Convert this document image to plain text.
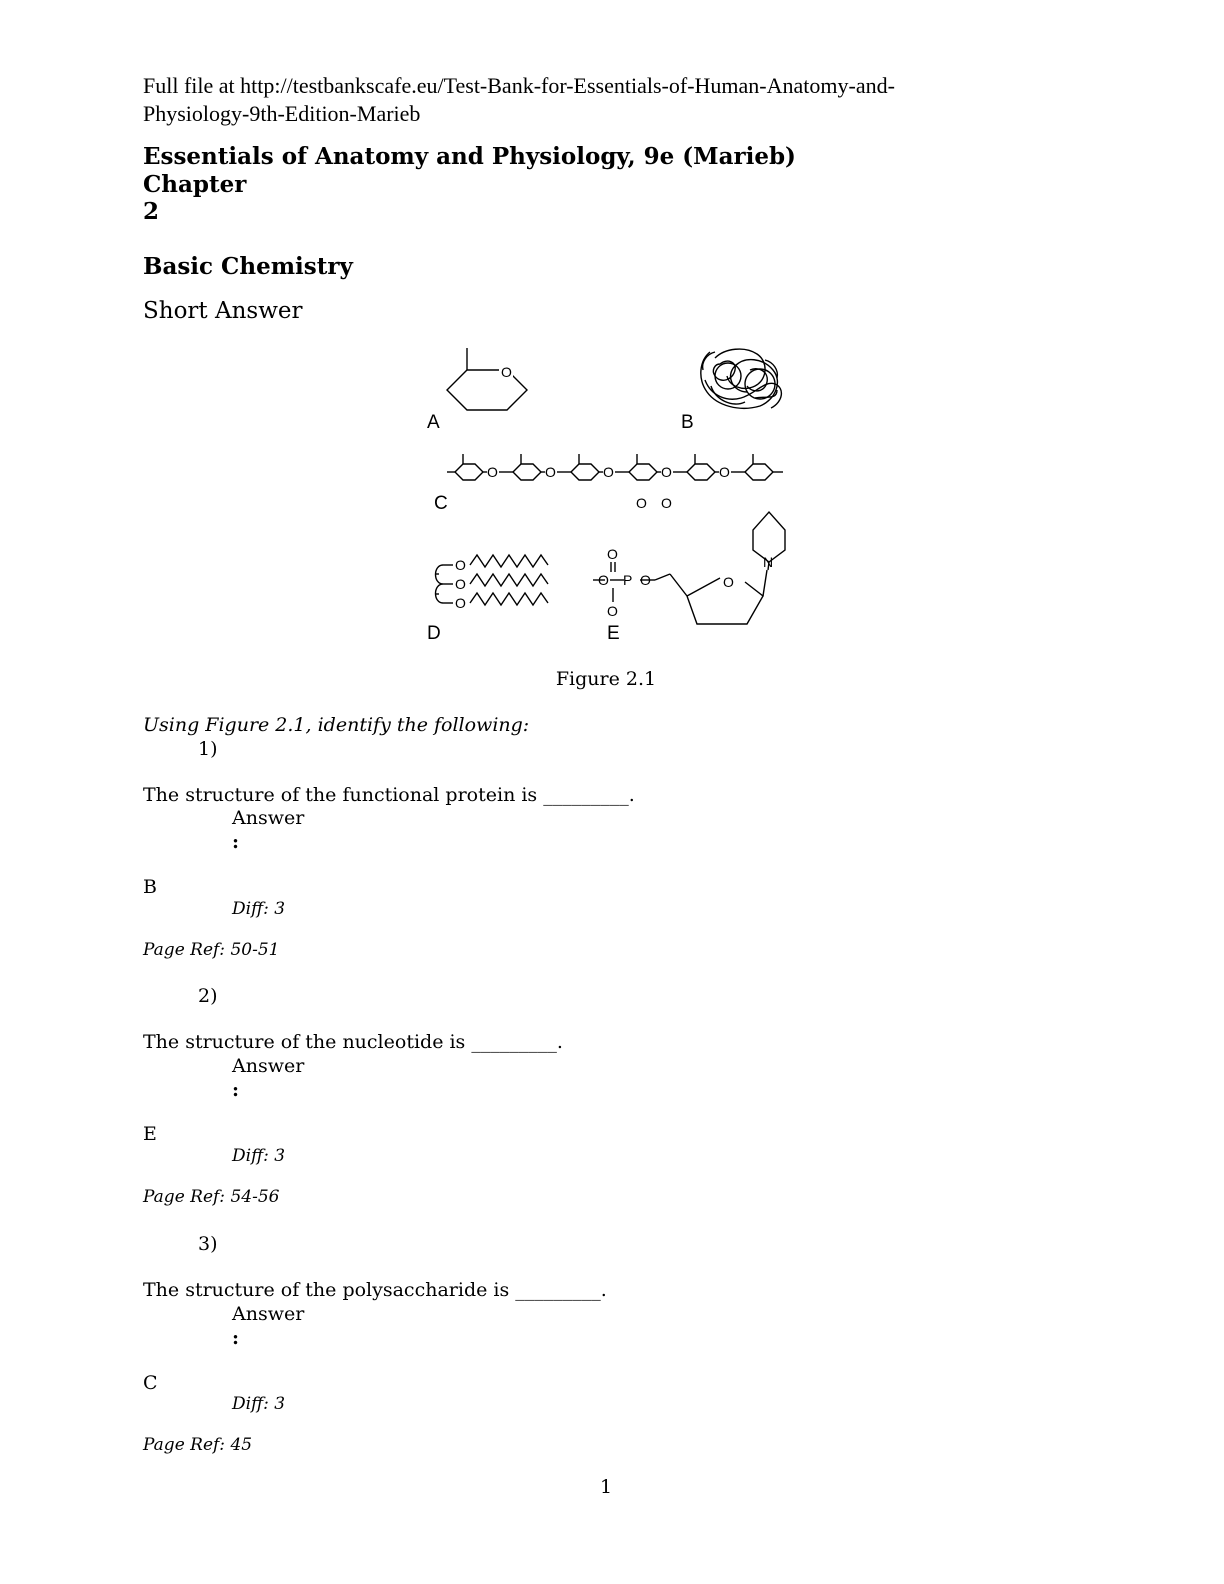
Full file at http://testbankscafe.eu/Test-Bank-for-Essentials-of-Human-Anatomy-and-
Physiology-9th-Edition-Marieb
Essentials of Anatomy and Physiology, 9e (Marieb)
Chapter
2
Basic Chemistry
Short Answer
O
O	O	O	O	O
O O
O
O
O
O
P
O O
O
O
N
A	B
C
D	E
Figure 2.1
Using Figure 2.1, identify the following:
1)
The structure of the functional protein is _________.
Answer
:
B
Diff: 3
Page Ref: 50-51
2)
The structure of the nucleotide is _________.
Answer
:
E
Diff: 3
Page Ref: 54-56
3)
The structure of the polysaccharide is _________.
Answer
:
C
Diff: 3
Page Ref: 45
1
